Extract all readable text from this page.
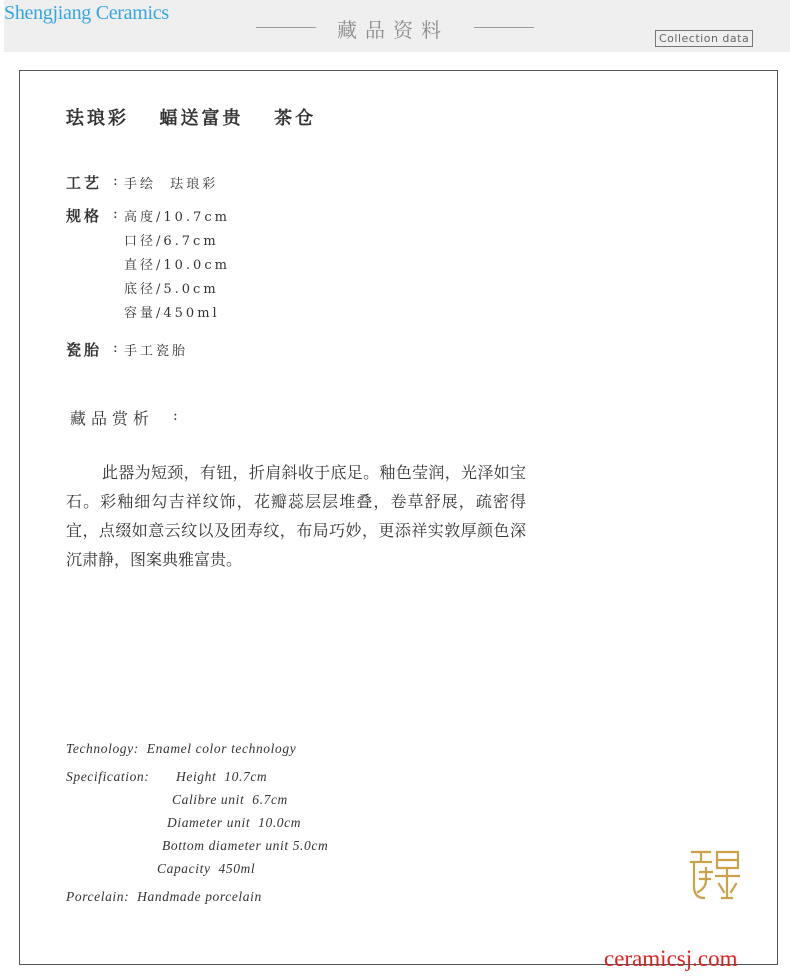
Shengjiang Ceramics
藏品资料	Collection data
珐琅彩  蝠送富贵  茶仓
工艺 : 手绘  珐琅彩
规格 : 高度/10.7cm
口径/6.7cm
直径/10.0cm
底径/5.0cm
容量/450ml
瓷胎 : 手工瓷胎
藏品赏析 :
此器为短颈，有钮，折肩斜收于底足。釉色莹润，光泽如宝石。彩釉细勾吉祥纹饰，花瓣蕊层层堆叠，卷草舒展，疏密得宜，点缀如意云纹以及团寿纹，布局巧妙，更添祥实敦厚颜色深沉肃静，图案典雅富贵。
Technology:  Enamel color technology
Specification: Height  10.7cm
Calibre unit  6.7cm
Diameter unit  10.0cm
Bottom diameter unit 5.0cm
Capacity  450ml
Porcelain:  Handmade porcelain
ceramicsj.com
